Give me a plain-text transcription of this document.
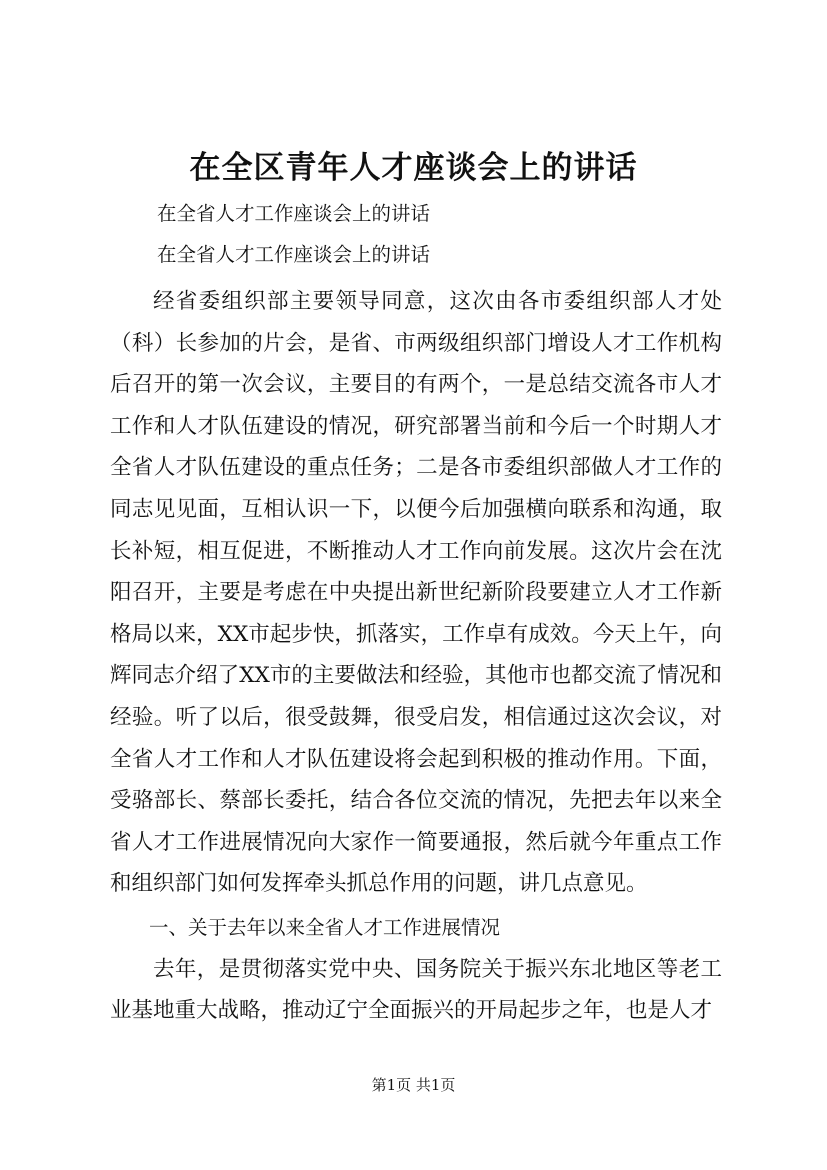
在全区青年人才座谈会上的讲话
在全省人才工作座谈会上的讲话
在全省人才工作座谈会上的讲话

经省委组织部主要领导同意，这次由各市委组织部人才处（科）长参加的片会，是省、市两级组织部门增设人才工作机构后召开的第一次会议，主要目的有两个，一是总结交流各市人才工作和人才队伍建设的情况，研究部署当前和今后一个时期人才全省人才队伍建设的重点任务；二是各市委组织部做人才工作的同志见见面，互相认识一下，以便今后加强横向联系和沟通，取长补短，相互促进，不断推动人才工作向前发展。这次片会在沈阳召开，主要是考虑在中央提出新世纪新阶段要建立人才工作新格局以来，XX市起步快，抓落实，工作卓有成效。今天上午，向辉同志介绍了XX市的主要做法和经验，其他市也都交流了情况和经验。听了以后，很受鼓舞，很受启发，相信通过这次会议，对全省人才工作和人才队伍建设将会起到积极的推动作用。下面，受骆部长、蔡部长委托，结合各位交流的情况，先把去年以来全省人才工作进展情况向大家作一简要通报，然后就今年重点工作和组织部门如何发挥牵头抓总作用的问题，讲几点意见。

一、关于去年以来全省人才工作进展情况

去年，是贯彻落实党中央、国务院关于振兴东北地区等老工业基地重大战略，推动辽宁全面振兴的开局起步之年，也是人才

第1页 共1页
